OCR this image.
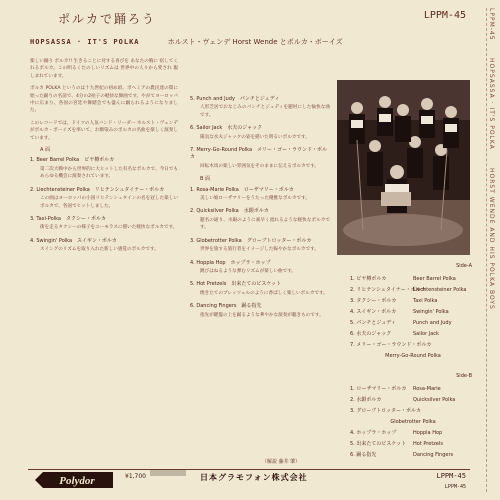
ポルカで踊ろう	LPPM-45
HOPSASSA · IT'S POLKA	ホルスト・ヴェンデ Horst Wende とポルカ・ボーイズ
LPPM-45
HOPSASSA · IT'S POLKA
HORST WENDE AND HIS POLKA BOYS

楽しい踊り ポルカ!! 生きることに対する喜びを あなたの胸に 宿してくれるポルカ。この明るくたのしいリズムは 世界中の人々から愛され 親しまれています。

ポルカ POLKA というのは十九世紀の初め頃、ボヘミアの農民達の間に始った踊りの名前で、4分の2拍子の軽快な舞曲です。やがてヨーロッパ中に広まり、各国の宮廷や舞踏会でも盛んに踊られるようになりました。

このレコードでは、ドイツの人気バンド・リーダー ホルスト・ヴェンデがポルカ・ボーイズを率いて、お馴染みのポルカの名曲を楽しく演奏しています。

A 面
1. Beer Barrel Polka　ビヤ樽ポルカ
第二次大戦中から世界的に大ヒットした有名なポルカで、今日でもあらゆる機会に演奏されています。
2. Liechtensteiner Polka　リヒテンシュタイナー・ポルカ
この曲はヨーロッパの小国リヒテンシュタインの名を冠した楽しいポルカで、各国でヒットしました。
3. Taxi-Polka　タクシー・ポルカ
街を走るタクシーの様子をユーモラスに描いた軽快なポルカです。
4. Swingin' Polka　スイギン・ポルカ
スイングのリズムを取り入れた新しい感覚のポルカです。
5. Punch and Judy　パンチとジュディ
人形芝居でおなじみのパンチとジュディを題材にした愉快な曲です。
6. Sailor Jack　水夫のジャック
陽気な水夫ジャックの姿を描いた明るいポルカです。
7. Merry-Go-Round Polka　メリー・ゴー・ラウンド・ポルカ
回転木馬の楽しい雰囲気をそのままに伝えるポルカです。
B 面
1. Rosa-Marie Polka　ローザマリー・ポルカ
美しい娘ローザマリーをうたった優雅なポルカです。
2. Quicksilver Polka　水銀ポルカ
題名の通り、水銀のように素早く流れるような軽快なポルカです。
3. Globetrotter Polka　グローブトロッター・ポルカ
世界を旅する旅行者をイメージした賑やかなポルカです。
4. Hoppla Hop　ホップラ・ホップ
跳びはねるような弾むリズムが楽しい曲です。
5. Hot Pretzels　出来たてのビスケット
焼きたてのプレッツェルのように香ばしく楽しいポルカです。
6. Dancing Fingers　踊る指先
指先が鍵盤の上を踊るような華やかな演奏が聴きものです。
Side-A
1. ビヤ樽ポルカ	Beer Barrel Polka
2. リヒテンシュタイナー・ポルカ
Liechtensteiner Polka
3. タクシー・ポルカ	Taxi Polka
4. スイギン・ポルカ	Swingin' Polka
5. パンチとジュディ	Punch and Judy
6. 水夫のジャック	Sailor Jack
7. メリー・ゴー・ラウンド・ポルカ
Merry-Go-Round Polka
Side-B
1. ローザマリー・ポルカ	Rosa-Marie
2. 水銀ポルカ	Quicksilver Polka
3. グローブトロッター・ポルカ
Globetrotter Polka
4. ホップラ・ホップ	Hoppla Hop
5. 出来たてのビスケット	Hot Pretzels
6. 踊る指先	Dancing Fingers
（解説 藤井 肇）
Polydor	¥1,700	日本グラモフォン株式会社	LPPM-45
LPPM-45
